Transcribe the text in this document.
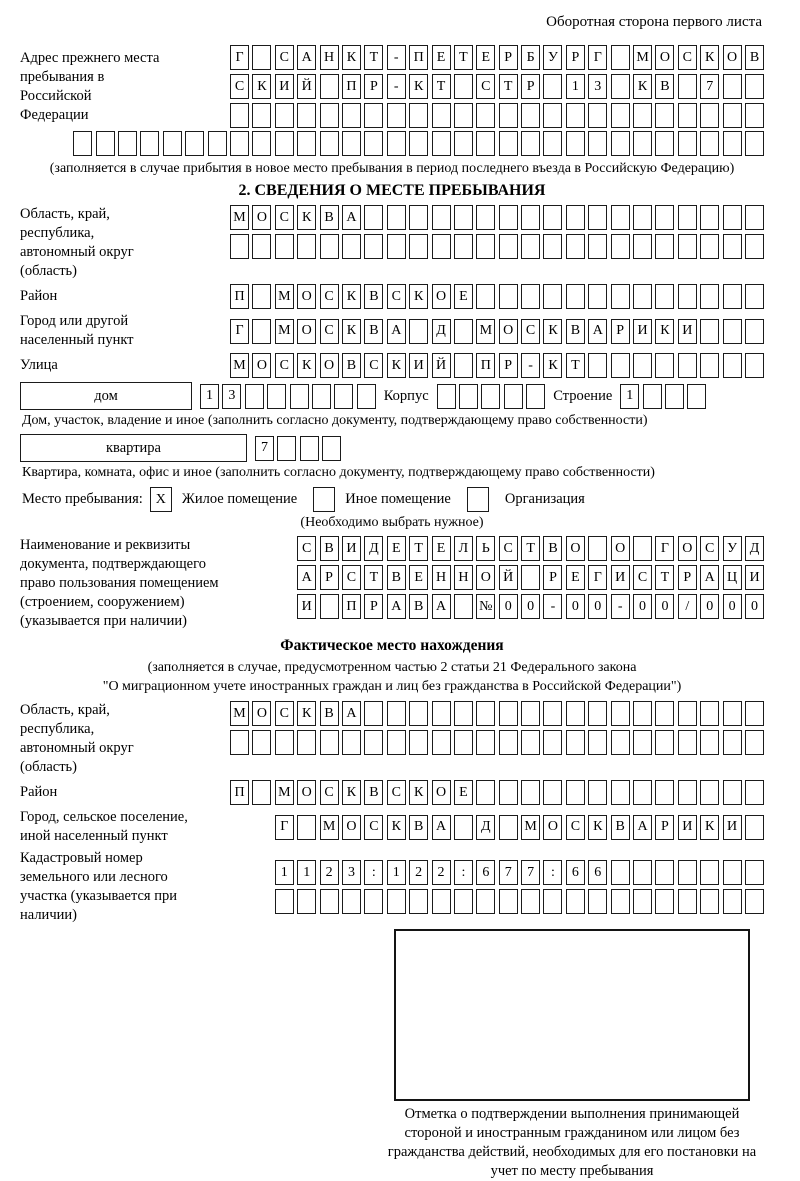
Оборотная сторона первого листа
Адрес прежнего места пребывания в Российской Федерации
Г	С А Н К Т	-	П Е Т Е	Р	Б У Р	Г	М О С К О В
С К И Й	П Р	-	К Т	С Т	Р	1	3	К В	7
(заполняется в случае прибытия в новое место пребывания в период последнего въезда в Российскую Федерацию)
2. СВЕДЕНИЯ О МЕСТЕ ПРЕБЫВАНИЯ
Область, край, республика, автономный округ (область)
М О С К В А
Район	П	М О С К В С К О Е
Город или другой населенный пункт
Г	М О С К В А	Д	М О С К В А Р И К И
Улица	М О С К О В С К И Й	П Р	-	К Т
дом	1	3	Корпус	Строение	1
Дом, участок, владение и иное (заполнить согласно документу, подтверждающему право собственности)
квартира	7
Квартира, комната, офис и иное (заполнить согласно документу, подтверждающему право собственности)
Место пребывания: X	Жилое помещение	Иное помещение	Организация
(Необходимо выбрать нужное)
Наименование и реквизиты документа, подтверждающего право пользования помещением (строением, сооружением) (указывается при наличии)
С В И Д Е Т Е Л Ь С Т В О	О	Г О С У Д
А Р С Т В Е Н Н О Й	Р	Е	Г И С Т	Р А Ц И
И	П Р А В А	№ 0	0	-	0	0	-	0	0	/	0	0	0
Фактическое место нахождения
(заполняется в случае, предусмотренном частью 2 статьи 21 Федерального закона
"О миграционном учете иностранных граждан и лиц без гражданства в Российской Федерации")
Область, край, республика, автономный округ (область)
М О С К В А
Район	П	М О С К В С К О Е
Город, сельское поселение, иной населенный пункт
Г	М О С К В А	Д	М О С К В А Р И К И
Кадастровый номер земельного или лесного участка (указывается при наличии)
1	1	2	3	:	1	2	2	:	6	7	7	:	6	6
Отметка о подтверждении выполнения принимающей стороной и иностранным гражданином или лицом без гражданства действий, необходимых для его постановки на учет по месту пребывания
